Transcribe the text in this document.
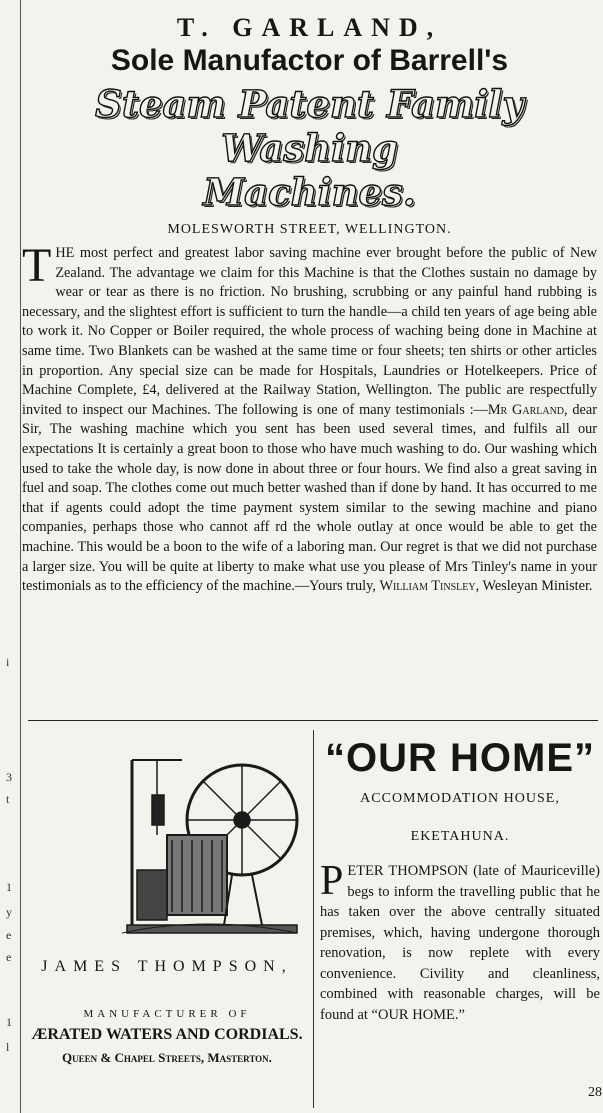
i
3
t
1
y
e
e
1
l
T. GARLAND,
Sole Manufactor of Barrell's
Steam Patent Family Washing
Machines.

MOLESWORTH STREET, WELLINGTON.

THE most perfect and greatest labor saving machine ever brought before the public of New Zealand. The advantage we claim for this Machine is that the Clothes sustain no damage by wear or tear as there is no friction. No brushing, scrubbing or any painful hand rubbing is necessary, and the slightest effort is sufficient to turn the handle—a child ten years of age being able to work it. No Copper or Boiler required, the whole process of waching being done in Machine at same time. Two Blankets can be washed at the same time or four sheets; ten shirts or other articles in proportion. Any special size can be made for Hospitals, Laundries or Hotelkeepers. Price of Machine Complete, £4, delivered at the Railway Station, Wellington. The public are respectfully invited to inspect our Machines. The following is one of many testimonials :—Mr Garland, dear Sir, The washing machine which you sent has been used several times, and fulfils all our expectations It is certainly a great boon to those who have much washing to do. Our washing which used to take the whole day, is now done in about three or four hours. We find also a great saving in fuel and soap. The clothes come out much better washed than if done by hand. It has occurred to me that if agents could adopt the time payment system similar to the sewing machine and piano companies, perhaps those who cannot aff rd the whole outlay at once would be able to get the machine. This would be a boon to the wife of a laboring man. Our regret is that we did not purchase a larger size. You will be quite at liberty to make what use you please of Mrs Tinley's name in your testimonials as to the efficiency of the machine.—Yours truly, William Tinsley, Wesleyan Minister.

JAMES THOMPSON,

MANUFACTURER OF

ÆRATED WATERS AND CORDIALS.

Queen & Chapel Streets, Masterton.

“OUR HOME”

ACCOMMODATION HOUSE,

EKETAHUNA.

PETER THOMPSON (late of Mauriceville) begs to inform the travelling public that he has taken over the above centrally situated premises, which, having undergone thorough renovation, is now replete with every convenience. Civility and cleanliness, combined with reasonable charges, will be found at “OUR HOME.”

28
